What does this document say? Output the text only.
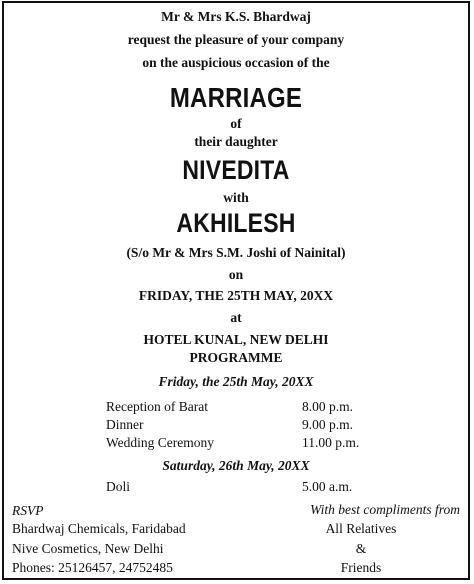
Mr & Mrs K.S. Bhardwaj
request the pleasure of your company
on the auspicious occasion of the
MARRIAGE
of
their daughter
NIVEDITA
with
AKHILESH
(S/o Mr & Mrs S.M. Joshi of Nainital)
on
FRIDAY, THE 25TH MAY, 20XX
at
HOTEL KUNAL, NEW DELHI
PROGRAMME
Friday, the 25th May, 20XX
Reception of Barat	8.00 p.m.
Dinner	9.00 p.m.
Wedding Ceremony	11.00 p.m.
Saturday, 26th May, 20XX
Doli	5.00 a.m.
RSVP
Bhardwaj Chemicals, Faridabad
Nive Cosmetics, New Delhi
Phones: 25126457, 24752485
With best compliments from
All Relatives
&
Friends
